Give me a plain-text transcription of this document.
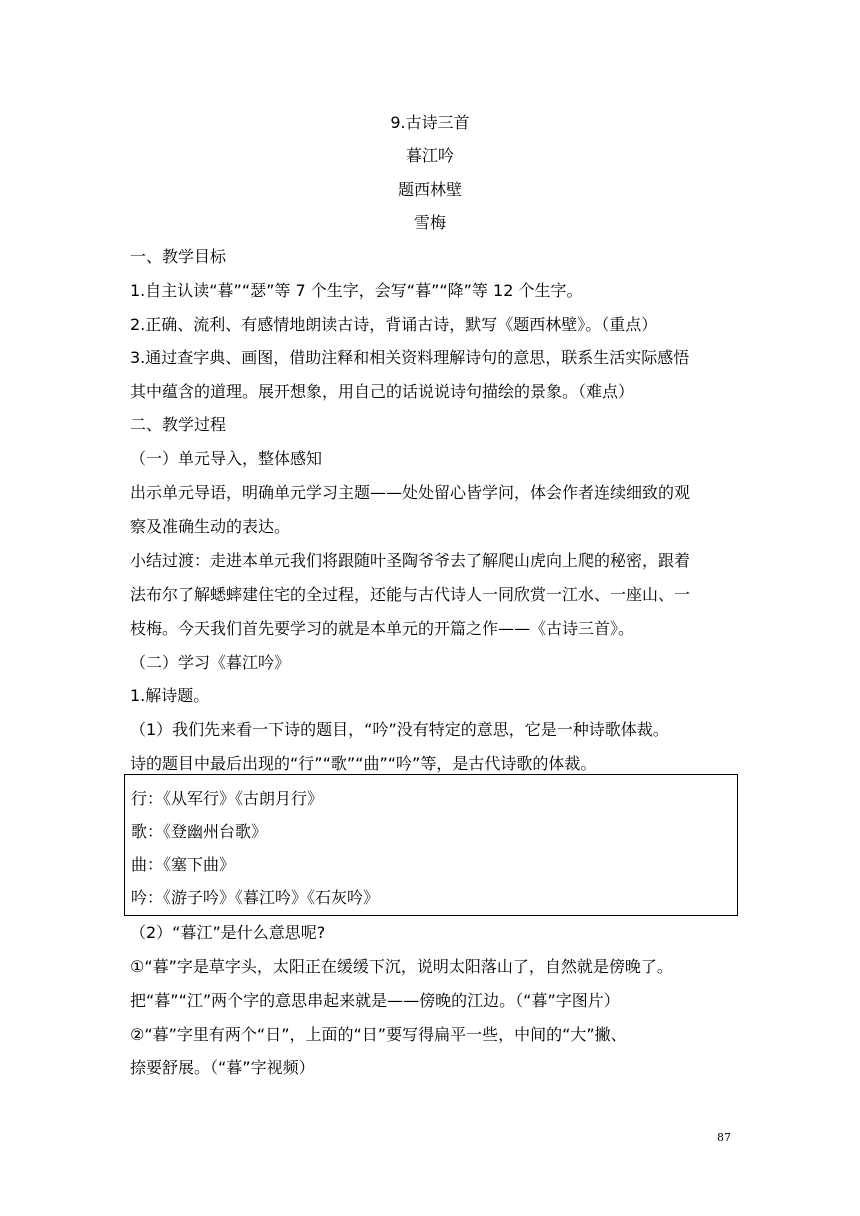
9.古诗三首
暮江吟
题西林壁
雪梅
一、教学目标
1.自主认读“暮”“瑟”等 7 个生字，会写“暮”“降”等 12 个生字。
2.正确、流利、有感情地朗读古诗，背诵古诗，默写《题西林壁》。（重点）
3.通过查字典、画图，借助注释和相关资料理解诗句的意思，联系生活实际感悟
其中蕴含的道理。展开想象，用自己的话说说诗句描绘的景象。（难点）
二、教学过程
（一）单元导入，整体感知
出示单元导语，明确单元学习主题——处处留心皆学问，体会作者连续细致的观
察及准确生动的表达。
小结过渡：走进本单元我们将跟随叶圣陶爷爷去了解爬山虎向上爬的秘密，跟着
法布尔了解蟋蟀建住宅的全过程，还能与古代诗人一同欣赏一江水、一座山、一
枝梅。今天我们首先要学习的就是本单元的开篇之作——《古诗三首》。
（二）学习《暮江吟》
1.解诗题。
（1）我们先来看一下诗的题目，“吟”没有特定的意思，它是一种诗歌体裁。
诗的题目中最后出现的“行”“歌”“曲”“吟”等，是古代诗歌的体裁。
行：《从军行》《古朗月行》
歌：《登幽州台歌》
曲：《塞下曲》
吟：《游子吟》《暮江吟》《石灰吟》
（2）“暮江”是什么意思呢?
①“暮”字是草字头，太阳正在缓缓下沉，说明太阳落山了，自然就是傍晚了。
把“暮”“江”两个字的意思串起来就是——傍晚的江边。（“暮”字图片）
②“暮”字里有两个“日”，上面的“日”要写得扁平一些，中间的“大”撇、
捺要舒展。（“暮”字视频）
87
